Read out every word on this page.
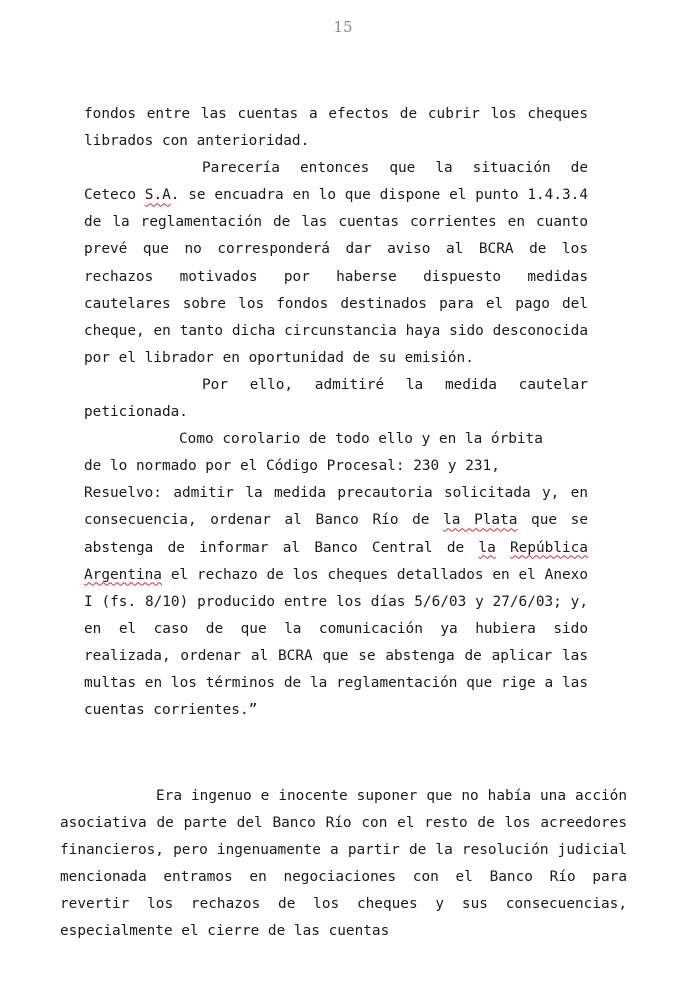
15

fondos entre las cuentas a efectos de cubrir los cheques librados con anterioridad.

Parecería entonces que la situación de Ceteco S.A. se encuadra en lo que dispone el punto 1.4.3.4 de la reglamentación de las cuentas corrientes en cuanto prevé que no corresponderá dar aviso al BCRA de los rechazos motivados por haberse dispuesto medidas cautelares sobre los fondos destinados para el pago del cheque, en tanto dicha circunstancia haya sido desconocida por el librador en oportunidad de su emisión.

Por ello, admitiré la medida cautelar peticionada.

Como corolario de todo ello y en la órbita

de lo normado por el Código Procesal: 230 y 231,

Resuelvo: admitir la medida precautoria solicitada y, en consecuencia, ordenar al Banco Río de la Plata que se abstenga de informar al Banco Central de la República Argentina el rechazo de los cheques detallados en el Anexo I (fs. 8/10) producido entre los días 5/6/03 y 27/6/03; y, en el caso de que la comunicación ya hubiera sido realizada, ordenar al BCRA que se abstenga de aplicar las multas en los términos de la reglamentación que rige a las cuentas corrientes.”

Era ingenuo e inocente suponer que no había una acción asociativa de parte del Banco Río con el resto de los acreedores financieros, pero ingenuamente a partir de la resolución judicial mencionada entramos en negociaciones con el Banco Río para revertir los rechazos de los cheques y sus consecuencias, especialmente el cierre de las cuentas
